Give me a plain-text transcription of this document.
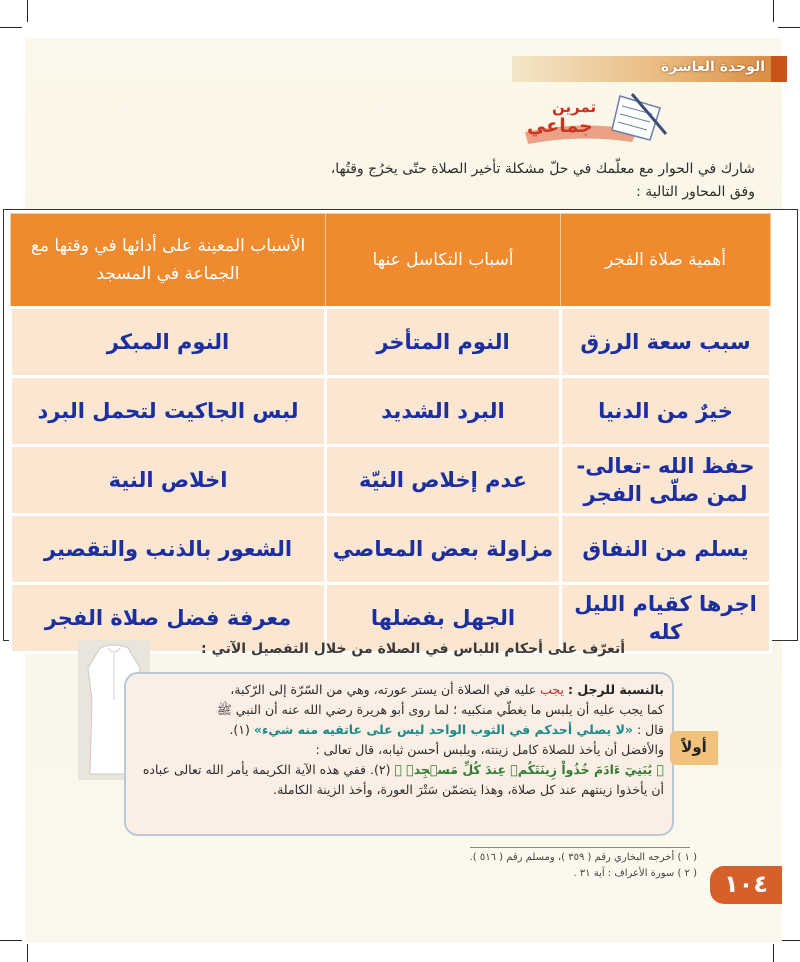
الوحدة العاشرة
تمرين
جماعي
شارك في الحوار مع معلّمك في حلّ مشكلة تأخير الصلاة حتّى يخرُج وقتُها،
وفق المحاور التالية :
أهمية صلاة الفجر	أسباب التكاسل عنها	الأسباب المعينة على أدائها في وقتها مع الجماعة في المسجد
سبب سعة الرزق	النوم المتأخر	النوم المبكر
خيرٌ من الدنيا	البرد الشديد	لبس الجاكيت لتحمل البرد
حفظ الله -تعالى- لمن صلّى الفجر	عدم إخلاص النيّة	اخلاص النية
يسلم من النفاق	مزاولة بعض المعاصي	الشعور بالذنب والتقصير
اجرها كقيام الليل كله	الجهل بفضلها	معرفة فضل صلاة الفجر
أتعرّف على أحكام اللباس في الصلاة من خلال التفصيل الآتي :
بالنسبة للرجل : يجب عليه في الصلاة أن يستر عورته، وهي من السّرّة إلى الرّكبة،
كما يجب عليه أن يلبس ما يغطّي منكبيه ؛ لما روى أبو هريرة رضي الله عنه أن النبي ﷺ
قال : «لا يصلي أحدكم في الثوب الواحد ليس على عاتقيه منه شيء» (١).
والأفضل أن يأخذ للصلاة كامل زينته، ويلبس أحسن ثيابه، قال تعالى :
﴿ يَٰبَنِيٓ ءَادَمَ خُذُواْ زِينَتَكُمۡ عِندَ كُلِّ مَسۡجِدٖ ﴾ (٢). ففي هذه الآية الكريمة يأمر الله تعالى عباده
أن يأخذوا زينتهم عند كل صلاة، وهذا يتضمّن سَتْرَ العورة، وأخذ الزينة الكاملة.
أولاً
( ١ ) أخرجه البخاري رقم ( ٣٥٩ )، ومسلم رقم ( ٥١٦ ).
( ٢ ) سورة الأعراف : آية ٣١ .	١٠٤
